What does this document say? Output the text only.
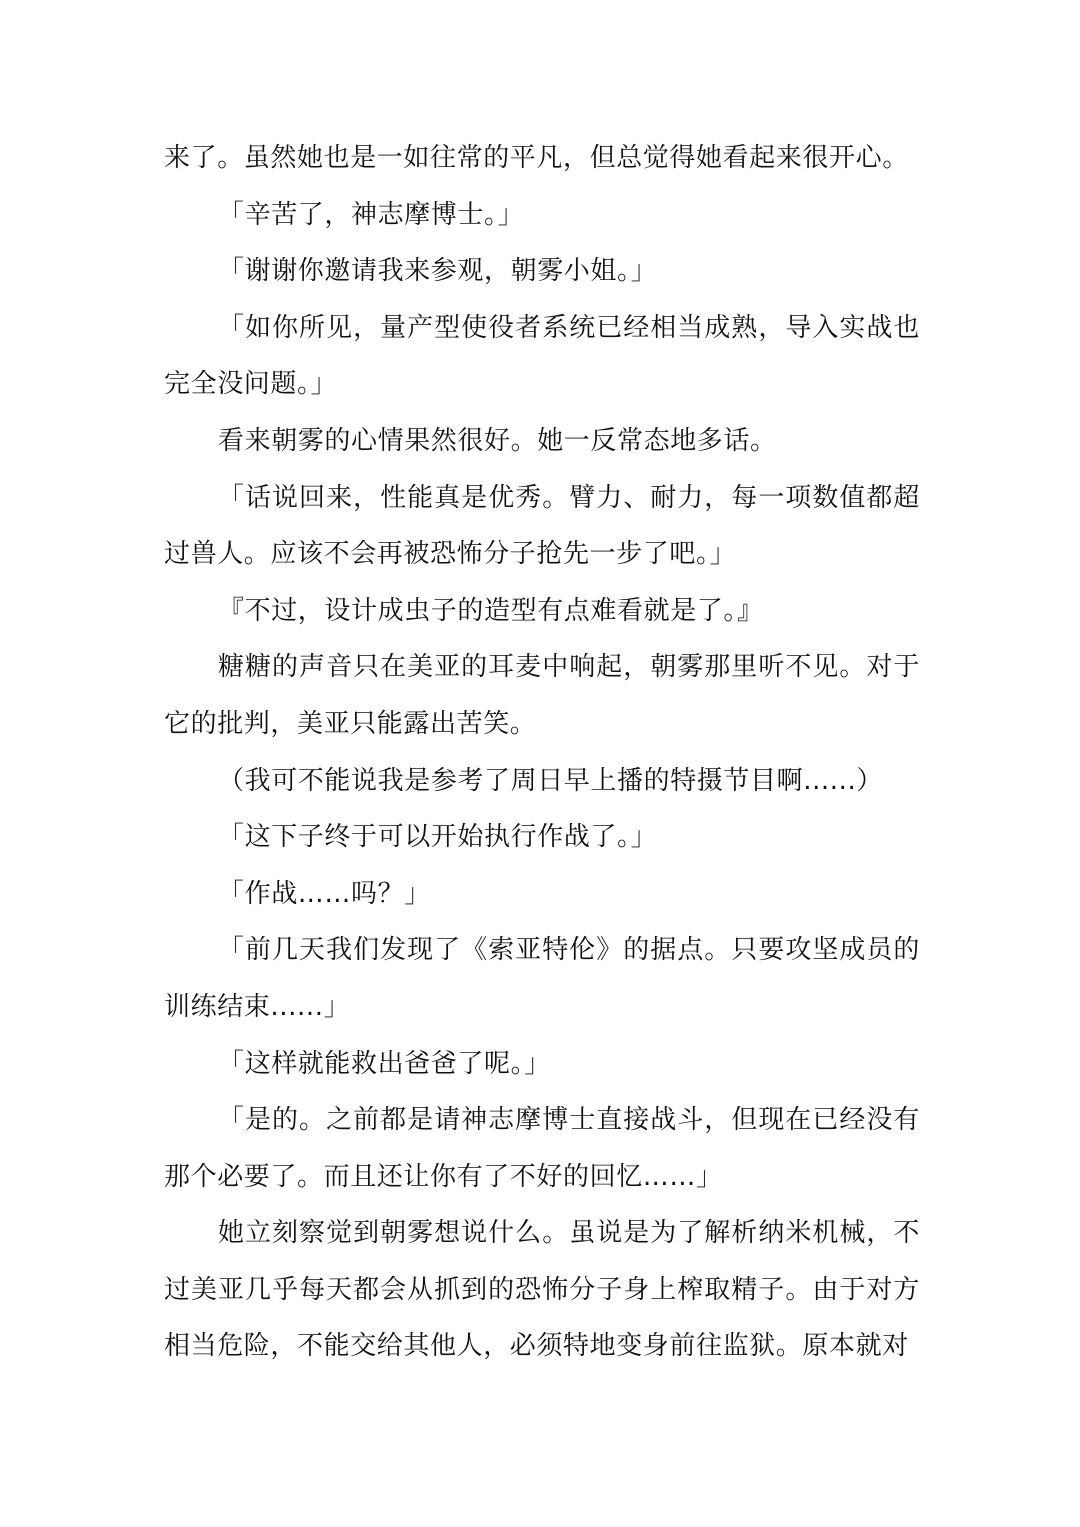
来了。虽然她也是一如往常的平凡，但总觉得她看起来很开心。

「辛苦了，神志摩博士。」

「谢谢你邀请我来参观，朝雾小姐。」

「如你所见，量产型使役者系统已经相当成熟，导入实战也完全没问题。」

看来朝雾的心情果然很好。她一反常态地多话。

「话说回来，性能真是优秀。臂力、耐力，每一项数值都超过兽人。应该不会再被恐怖分子抢先一步了吧。」

『不过，设计成虫子的造型有点难看就是了。』

糖糖的声音只在美亚的耳麦中响起，朝雾那里听不见。对于它的批判，美亚只能露出苦笑。

（我可不能说我是参考了周日早上播的特摄节目啊......）

「这下子终于可以开始执行作战了。」

「作战……吗？」

「前几天我们发现了《索亚特伦》的据点。只要攻坚成员的训练结束......」

「这样就能救出爸爸了呢。」

「是的。之前都是请神志摩博士直接战斗，但现在已经没有那个必要了。而且还让你有了不好的回忆……」

她立刻察觉到朝雾想说什么。虽说是为了解析纳米机械，不过美亚几乎每天都会从抓到的恐怖分子身上榨取精子。由于对方相当危险，不能交给其他人，必须特地变身前往监狱。原本就对
